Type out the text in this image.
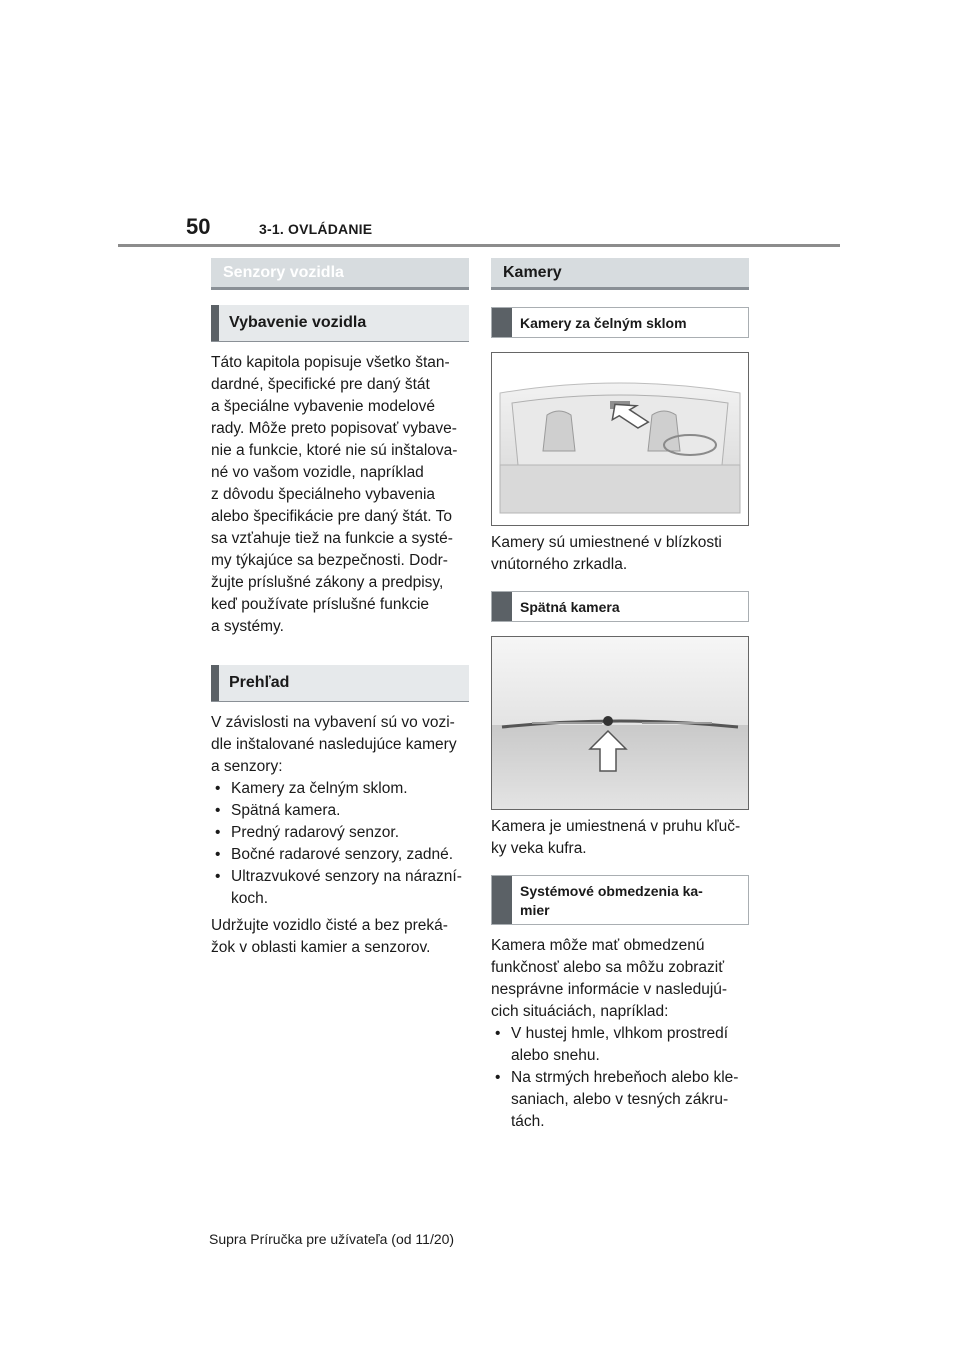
50	3-1. OVLÁDANIE
Senzory vozidla
Vybavenie vozidla

Táto kapitola popisuje všetko štan-

dardné, špecifické pre daný štát

a špeciálne vybavenie modelové

rady. Môže preto popisovať vybave-

nie a funkcie, ktoré nie sú inštalova-

né vo vašom vozidle, napríklad

z dôvodu špeciálneho vybavenia

alebo špecifikácie pre daný štát. To

sa vzťahuje tiež na funkcie a systé-

my týkajúce sa bezpečnosti. Dodr-

žujte príslušné zákony a predpisy,

keď používate príslušné funkcie

a systémy.

Prehľad

V závislosti na vybavení sú vo vozi-

dle inštalované nasledujúce kamery

a senzory:

• Kamery za čelným sklom.
• Spätná kamera.
• Predný radarový senzor.
• Bočné radarové senzory, zadné.
• Ultrazvukové senzory na nárazní-
koch.

Udržujte vozidlo čisté a bez preká-

žok v oblasti kamier a senzorov.

Kamery
Kamery za čelným sklom

Kamery sú umiestnené v blízkosti

vnútorného zrkadla.

Spätná kamera

Kamera je umiestnená v pruhu kľuč-

ky veka kufra.

Systémové obmedzenia ka-
mier

Kamera môže mať obmedzenú

funkčnosť alebo sa môžu zobraziť

nesprávne informácie v nasledujú-

cich situáciách, napríklad:

• V hustej hmle, vlhkom prostredí
alebo snehu.
• Na strmých hrebeňoch alebo kle-
saniach, alebo v tesných zákru-
tách.
Supra Príručka pre užívateľa (od 11/20)
